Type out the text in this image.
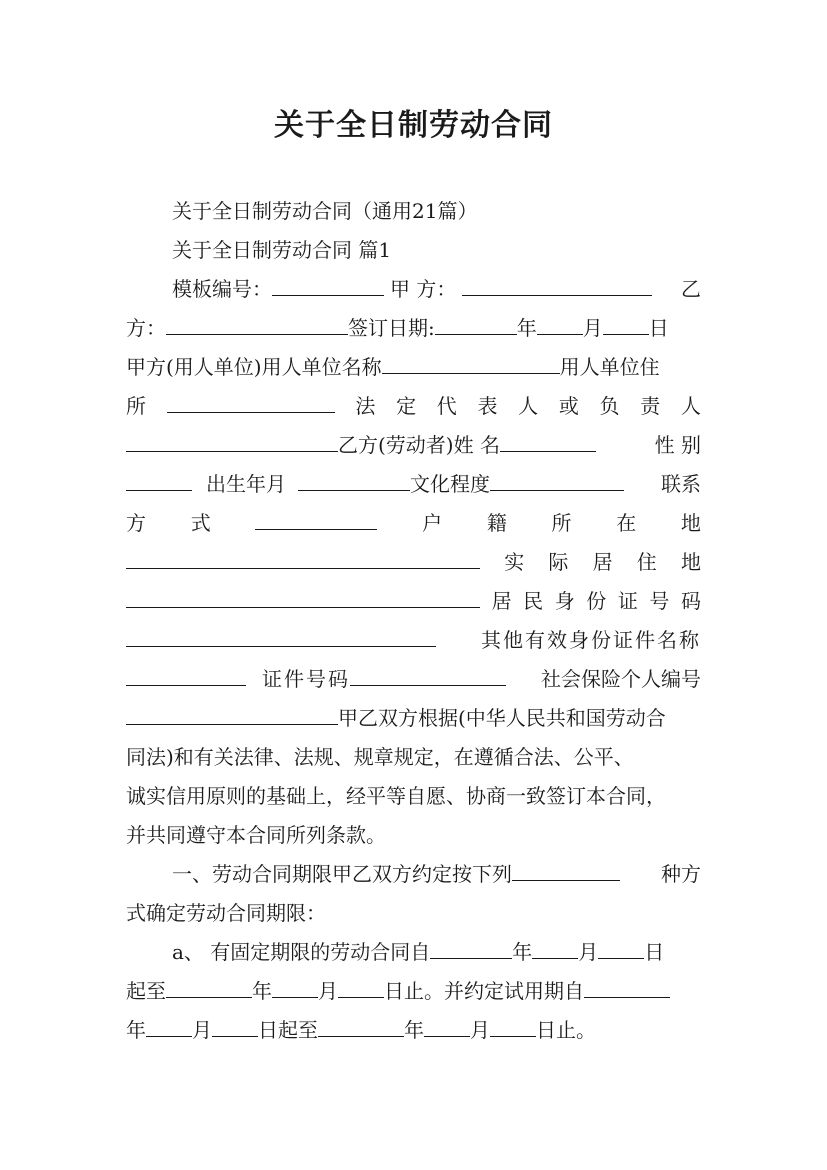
关于全日制劳动合同
关于全日制劳动合同（通用21篇）
关于全日制劳动合同 篇1
模板编号：	甲 方：	乙
方：	签订日期:	年 月 日
甲方(用人单位)用人单位名称	用人单位住
所	法 定 代 表 人 或 负 责 人
乙方(劳动者)姓 名	性 别
出生年月	文化程度	联系
方 式	户 籍 所 在 地
实 际 居 住 地
居 民 身 份 证 号 码
其他有效身份证件名称
证件号码	社会保险个人编号
甲乙双方根据(中华人民共和国劳动合
同法)和有关法律、法规、规章规定，在遵循合法、公平、
诚实信用原则的基础上，经平等自愿、协商一致签订本合同，
并共同遵守本合同所列条款。
一、劳动合同期限甲乙双方约定按下列	种方
式确定劳动合同期限：
a、 有固定期限的劳动合同自	年 月 日
起至	年 月 日止。并约定试用期自
年 月 日起至	年 月 日止。
